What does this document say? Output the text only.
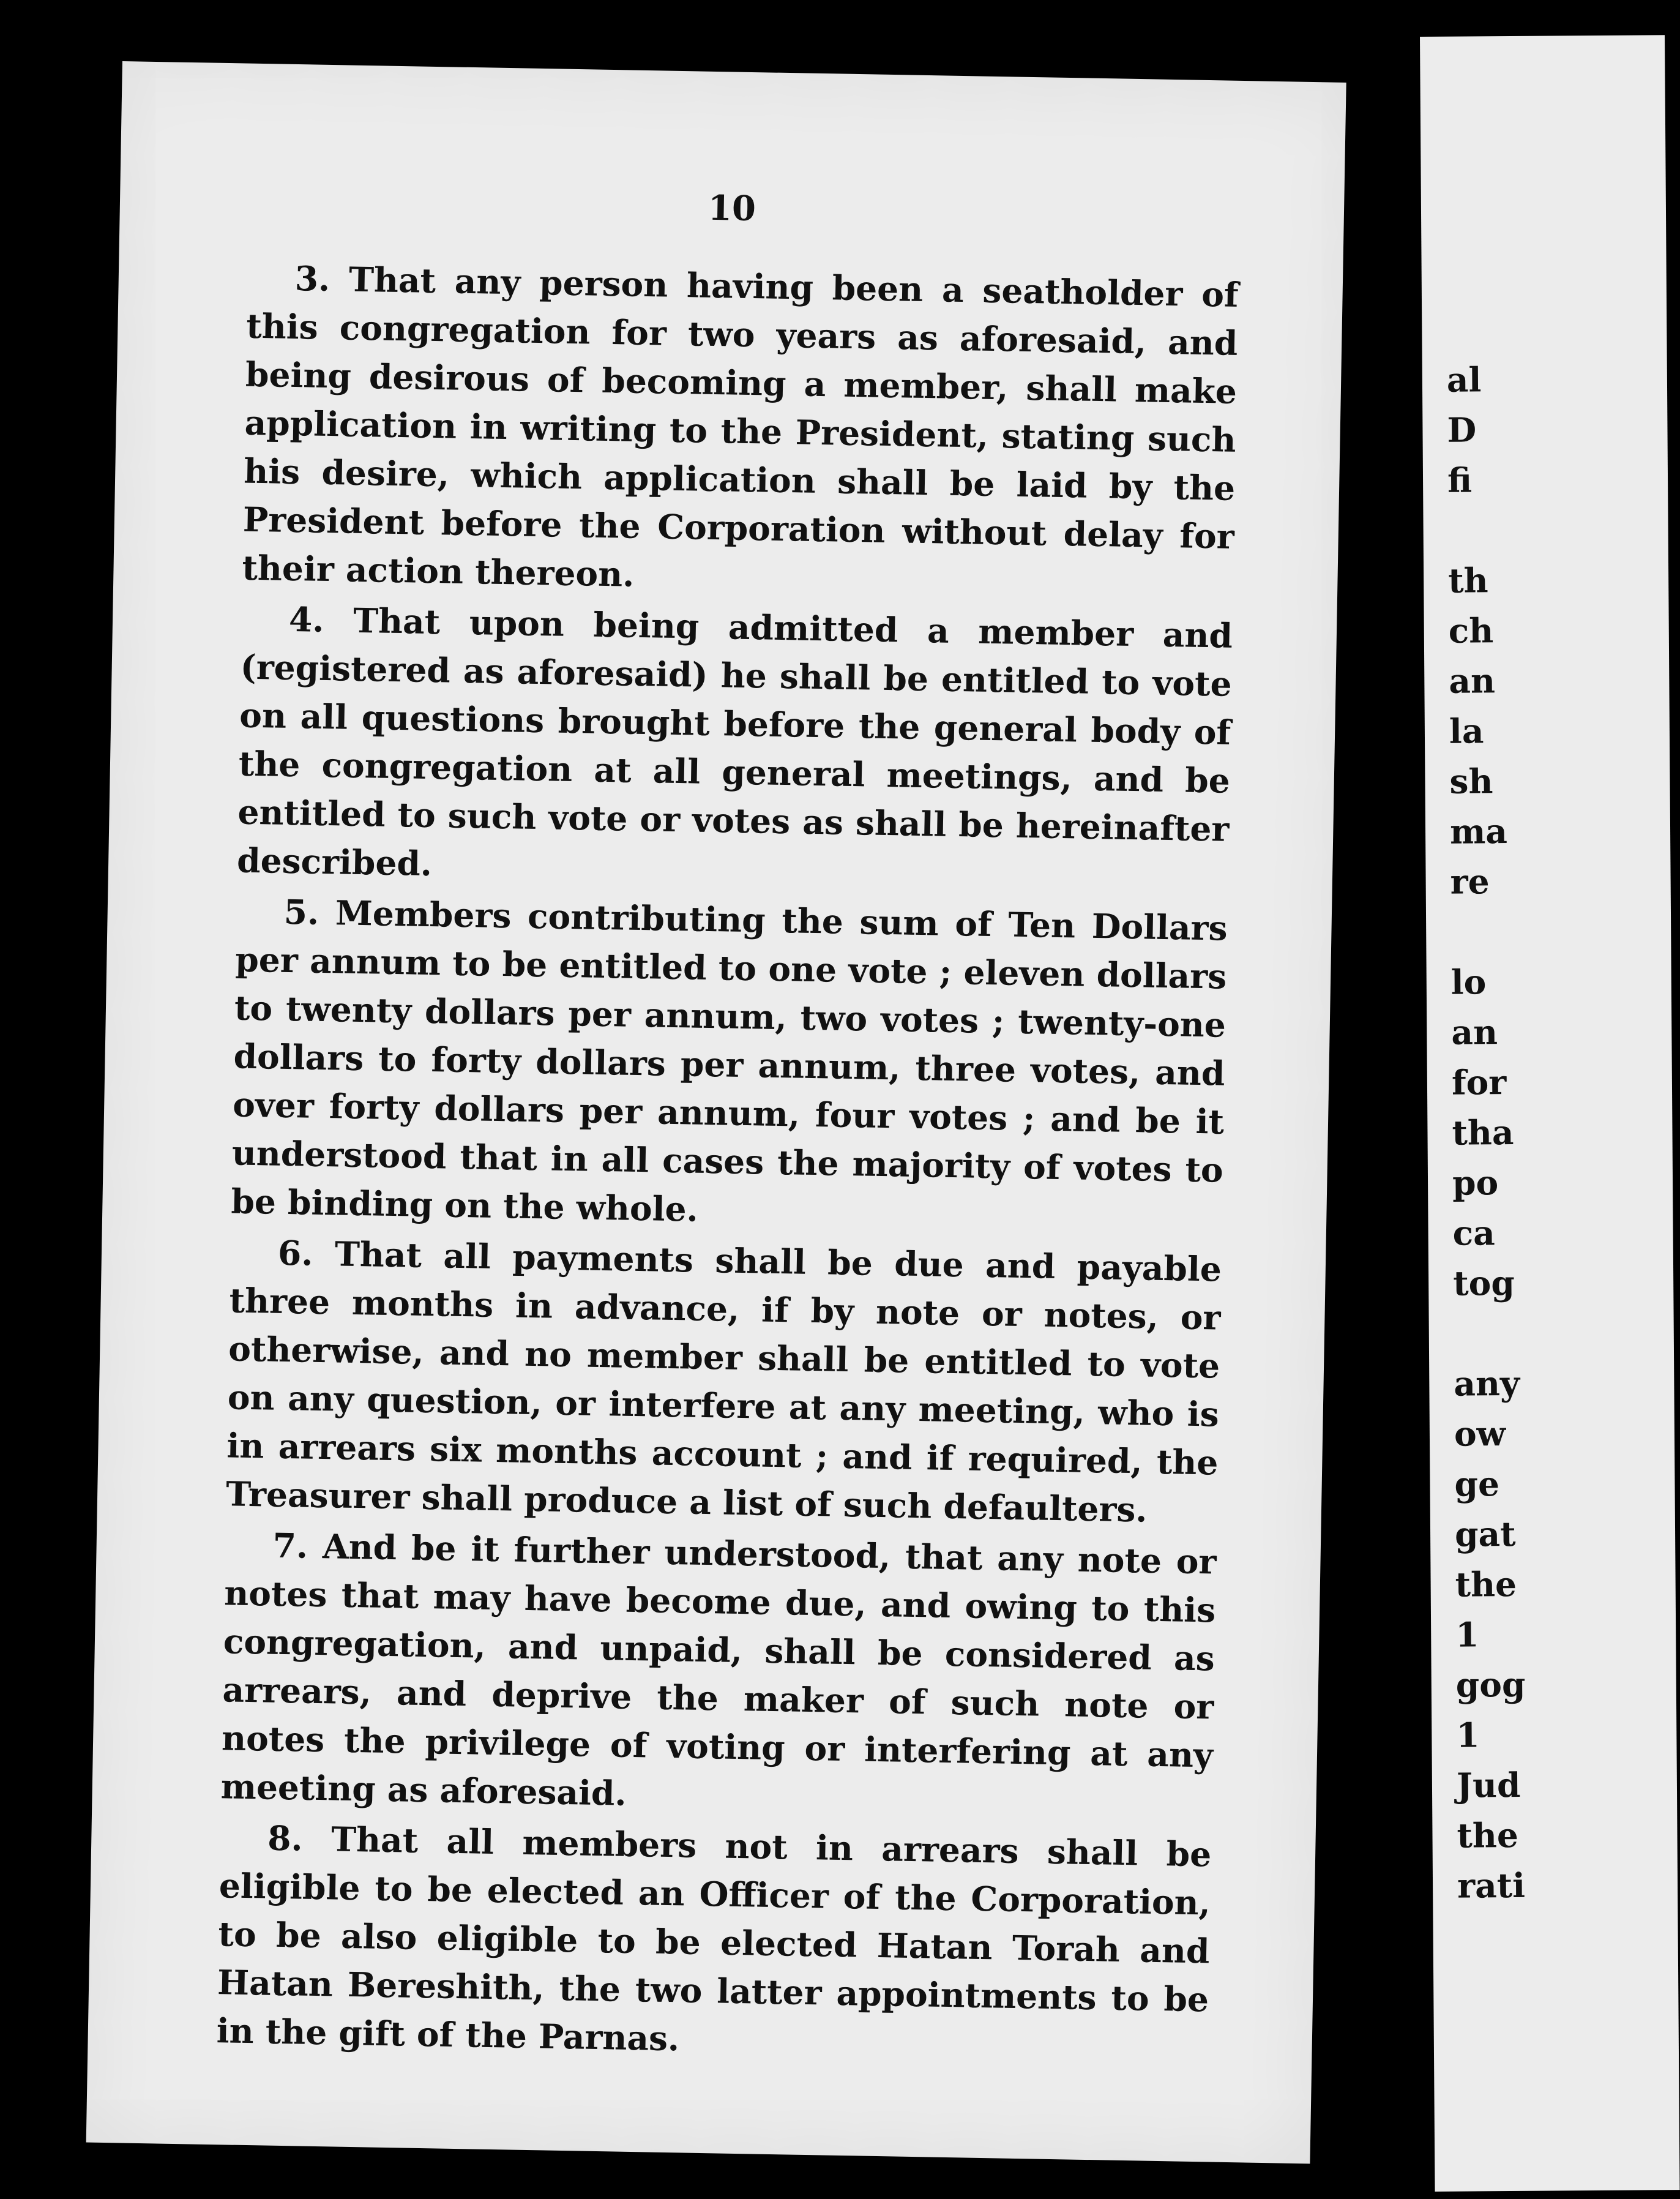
10

3. That any person having been a seatholder of this congregation for two years as aforesaid, and being desirous of becoming a member, shall make application in writing to the President, stating such his desire, which application shall be laid by the President before the Corporation without delay for their action thereon.

4. That upon being admitted a member and (registered as aforesaid) he shall be entitled to vote on all questions brought before the general body of the congregation at all general meetings, and be entitled to such vote or votes as shall be hereinafter described.

5. Members contributing the sum of Ten Dollars per annum to be entitled to one vote ; eleven dollars to twenty dollars per annum, two votes ; twenty-one dollars to forty dollars per annum, three votes, and over forty dollars per annum, four votes ; and be it understood that in all cases the majority of votes to be binding on the whole.

6. That all payments shall be due and payable three months in advance, if by note or notes, or otherwise, and no member shall be entitled to vote on any question, or interfere at any meeting, who is in arrears six months account ; and if required, the Treasurer shall produce a list of such defaulters.

7. And be it further understood, that any note or notes that may have become due, and owing to this congregation, and unpaid, shall be considered as arrears, and deprive the maker of such note or notes the privilege of voting or interfering at any meeting as aforesaid.

8. That all members not in arrears shall be eligible to be elected an Officer of the Corporation, to be also eligible to be elected Hatan Torah and Hatan Bereshith, the two latter appointments to be in the gift of the Parnas.

al
D
fi

th
ch
an
la
sh
ma
re

lo
an
for
tha
po
ca
tog

any
ow
ge
gat
the
1
gog
1
Jud
the
rati
